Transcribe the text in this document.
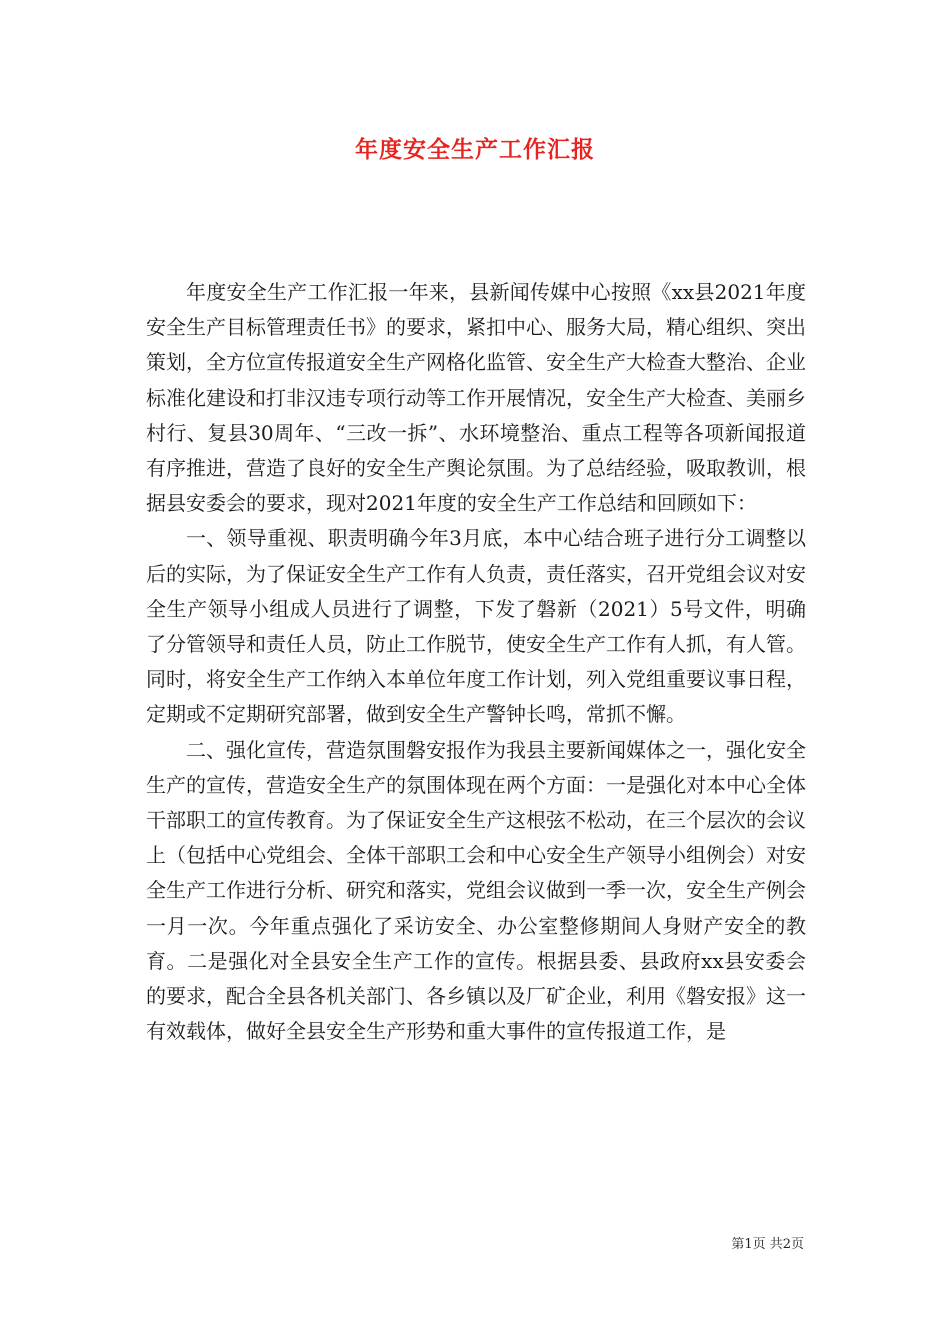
年度安全生产工作汇报

年度安全生产工作汇报一年来，县新闻传媒中心按照《xx县2021年度安全生产目标管理责任书》的要求，紧扣中心、服务大局，精心组织、突出策划，全方位宣传报道安全生产网格化监管、安全生产大检查大整治、企业标准化建设和打非汉违专项行动等工作开展情况，安全生产大检查、美丽乡村行、复县30周年、“三改一拆”、水环境整治、重点工程等各项新闻报道有序推进，营造了良好的安全生产舆论氛围。为了总结经验，吸取教训，根据县安委会的要求，现对2021年度的安全生产工作总结和回顾如下：

一、领导重视、职责明确今年3月底，本中心结合班子进行分工调整以后的实际，为了保证安全生产工作有人负责，责任落实，召开党组会议对安全生产领导小组成人员进行了调整，下发了磐新（2021）5号文件，明确了分管领导和责任人员，防止工作脱节，使安全生产工作有人抓，有人管。同时，将安全生产工作纳入本单位年度工作计划，列入党组重要议事日程，定期或不定期研究部署，做到安全生产警钟长鸣，常抓不懈。

二、强化宣传，营造氛围磐安报作为我县主要新闻媒体之一，强化安全生产的宣传，营造安全生产的氛围体现在两个方面：一是强化对本中心全体干部职工的宣传教育。为了保证安全生产这根弦不松动，在三个层次的会议上（包括中心党组会、全体干部职工会和中心安全生产领导小组例会）对安全生产工作进行分析、研究和落实，党组会议做到一季一次，安全生产例会一月一次。今年重点强化了采访安全、办公室整修期间人身财产安全的教育。二是强化对全县安全生产工作的宣传。根据县委、县政府xx县安委会的要求，配合全县各机关部门、各乡镇以及厂矿企业，利用《磐安报》这一有效载体，做好全县安全生产形势和重大事件的宣传报道工作，是

第1页 共2页
